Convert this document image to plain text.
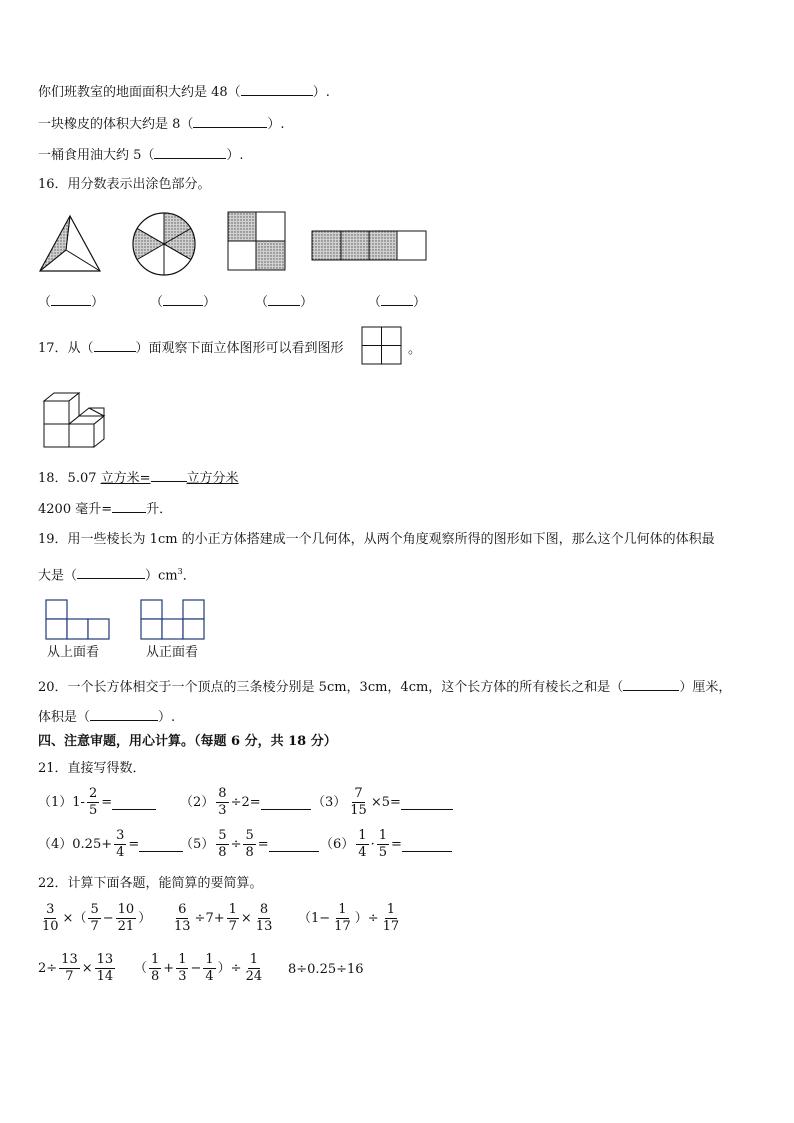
你们班教室的地面面积大约是 48（	）.
一块橡皮的体积大约是 8（	）.
一桶食用油大约 5（	）.
16．用分数表示出涂色部分。
（	）	（	）	（ ）	（ ）
17．从（	）面观察下面立体图形可以看到图形	。
18．5.07 立方米=	立方分米
4200 毫升=	升．
19．用一些棱长为 1cm 的小正方体搭建成一个几何体，从两个角度观察所得的图形如下图，那么这个几何体的体积最
大是（	）$cm^3$．
从上面看	从正面看
20．一个长方体相交于一个顶点的三条棱分别是 5cm，3cm，4cm，这个长方体的所有棱长之和是（	）厘米，
体积是（	）.
四、注意审题，用心计算。（每题 6 分，共 18 分）
21．直接写得数．
$(1)1- \frac{2}{5}$ =	$(2) \frac{8}{3} \div 2=$	$(3) \frac{7}{15} \times 5=$
$(4)0.25+ \frac{3}{4}$ =	$(5) \frac{5}{8} \div \frac{5}{8}$ =	$(6) \frac{1}{4} \cdot \frac{1}{5}$ =
22．计算下面各题，能简算的要简算。
$\frac{3}{10}$ ×（ $\frac{5}{7} - \frac{10}{21}$ ） $\frac{6}{13} \div 7+ \frac{1}{7} \times \frac{8}{13} (1- \frac{1}{17}$ ）÷ $\frac{1}{17}$
$2\div \frac{13}{7} \times \frac{13}{14}$ （ $\frac{1}{8} + \frac{1}{3} - \frac{1}{4}$ ）÷ $\frac{1}{24} 8\div 0.25\div 16$
